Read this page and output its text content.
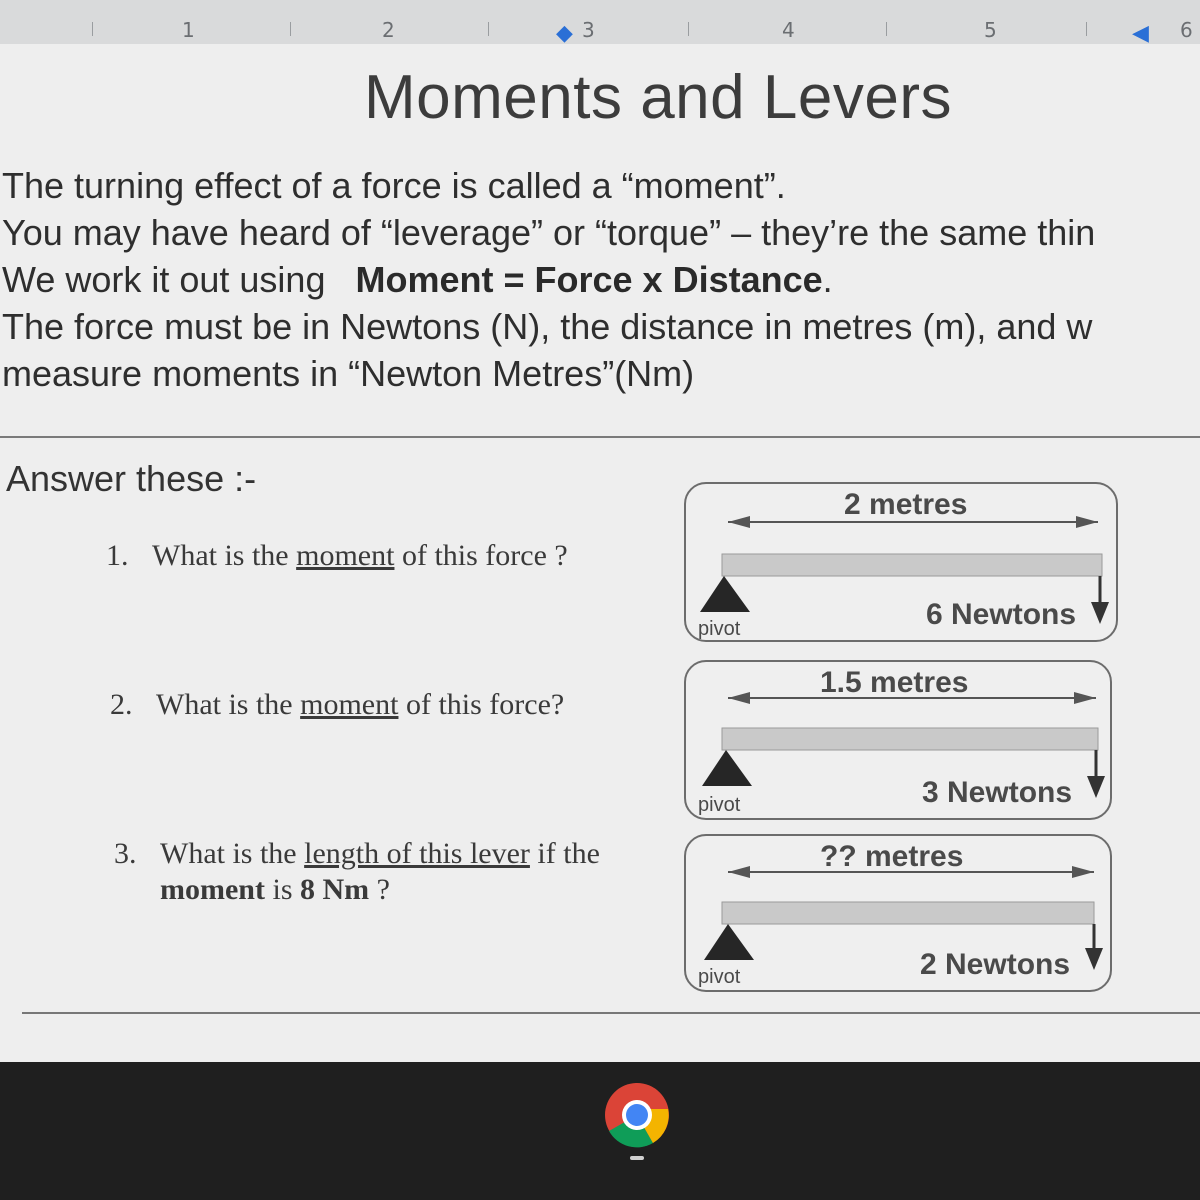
1	2	◆ 3	4	5	◀ 6
Moments and Levers

The turning effect of a force is called a “moment”.

You may have heard of “leverage” or “torque” – they’re the same thin

We work it out using Moment = Force x Distance.

The force must be in Newtons (N), the distance in metres (m), and w

measure moments in “Newton Metres”(Nm)

Answer these :-
1. What is the moment of this force ?
2. What is the moment of this force?
3. What is the length of this lever if the
moment is 8 Nm ?
2 metres
6 Newtons
pivot
1.5 metres
3 Newtons
pivot
?? metres
2 Newtons
pivot
